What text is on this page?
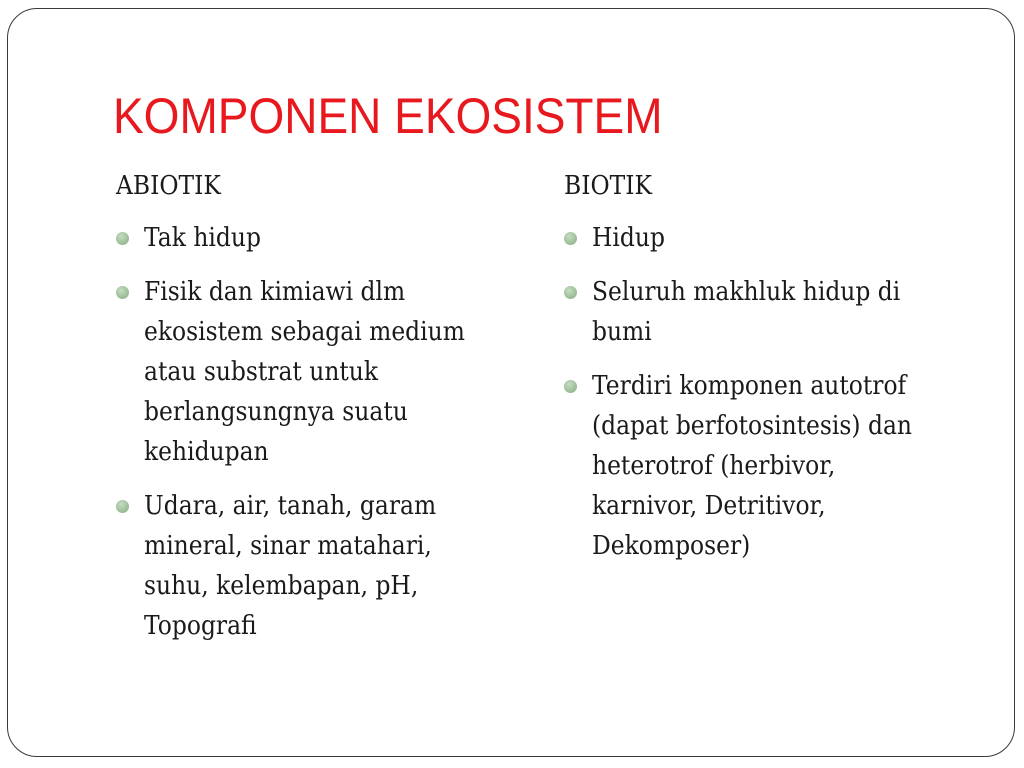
KOMPONEN EKOSISTEM
ABIOTIK
Tak hidup
Fisik dan kimiawi dlm
ekosistem sebagai medium
atau substrat untuk
berlangsungnya suatu
kehidupan
Udara, air, tanah, garam
mineral, sinar matahari,
suhu, kelembapan, pH,
Topografi
BIOTIK
Hidup
Seluruh makhluk hidup di
bumi
Terdiri komponen autotrof
(dapat berfotosintesis) dan
heterotrof (herbivor,
karnivor, Detritivor,
Dekomposer)
